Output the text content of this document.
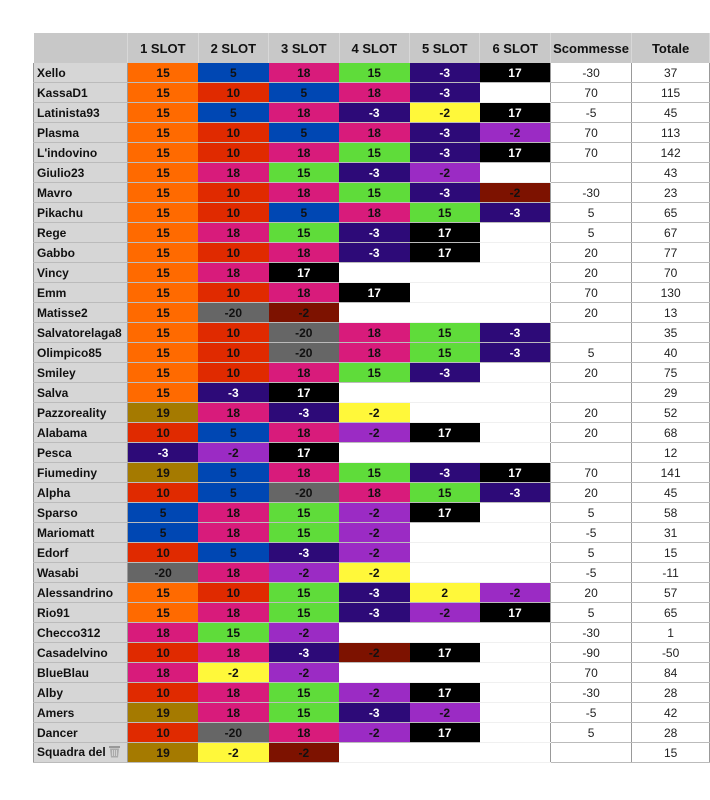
	1 SLOT	2 SLOT	3 SLOT	4 SLOT	5 SLOT	6 SLOT	Scommesse	Totale
Xello	15	5	18	15	-3	17	-30	37
KassaD1	15	10	5	18	-3		70	115
Latinista93	15	5	18	-3	-2	17	-5	45
Plasma	15	10	5	18	-3	-2	70	113
L'indovino	15	10	18	15	-3	17	70	142
Giulio23	15	18	15	-3	-2			43
Mavro	15	10	18	15	-3	-2	-30	23
Pikachu	15	10	5	18	15	-3	5	65
Rege	15	18	15	-3	17		5	67
Gabbo	15	10	18	-3	17		20	77
Vincy	15	18	17				20	70
Emm	15	10	18	17			70	130
Matisse2	15	-20	-2				20	13
Salvatorelaga8	15	10	-20	18	15	-3		35
Olimpico85	15	10	-20	18	15	-3	5	40
Smiley	15	10	18	15	-3		20	75
Salva	15	-3	17					29
Pazzoreality	19	18	-3	-2			20	52
Alabama	10	5	18	-2	17		20	68
Pesca	-3	-2	17					12
Fiumediny	19	5	18	15	-3	17	70	141
Alpha	10	5	-20	18	15	-3	20	45
Sparso	5	18	15	-2	17		5	58
Mariomatt	5	18	15	-2			-5	31
Edorf	10	5	-3	-2			5	15
Wasabi	-20	18	-2	-2			-5	-11
Alessandrino	15	10	15	-3	2	-2	20	57
Rio91	15	18	15	-3	-2	17	5	65
Checco312	18	15	-2				-30	1
Casadelvino	10	18	-3	-2	17		-90	-50
BlueBlau	18	-2	-2				70	84
Alby	10	18	15	-2	17		-30	28
Amers	19	18	15	-3	-2		-5	42
Dancer	10	-20	18	-2	17		5	28
Squadra del	19	-2	-2					15
